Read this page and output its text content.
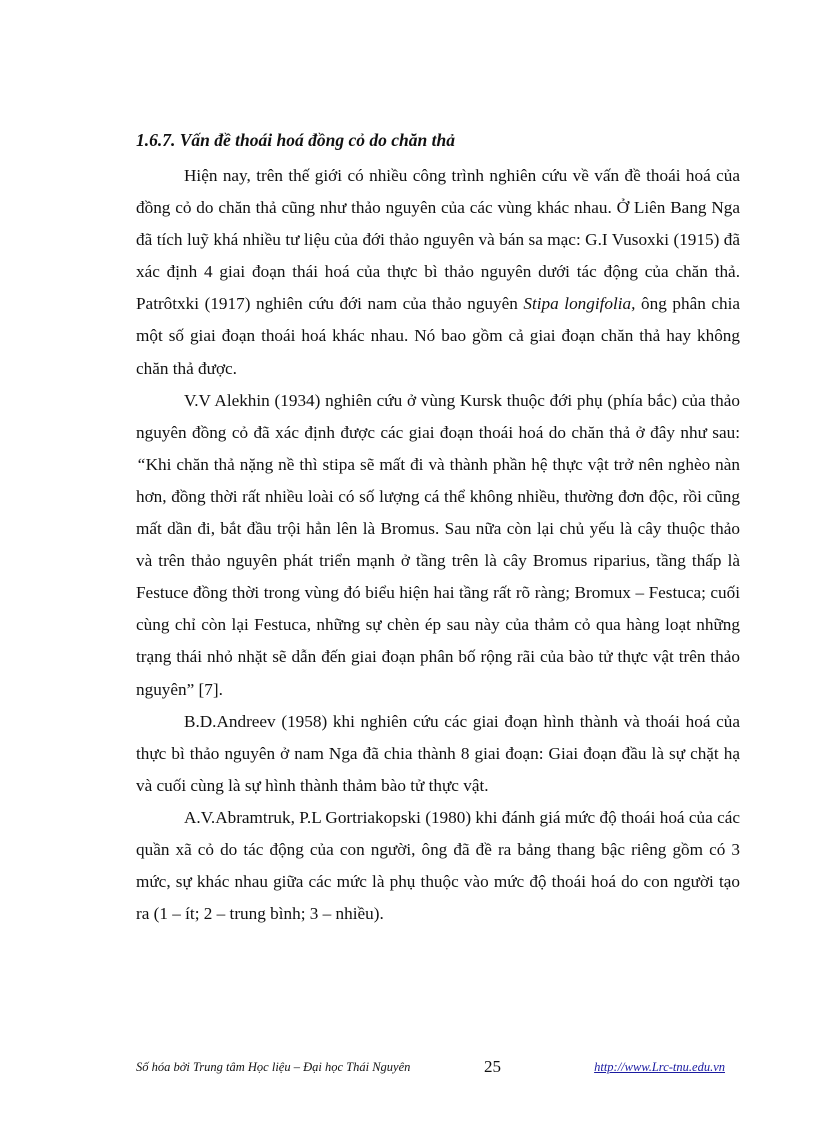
1.6.7. Vấn đề thoái hoá đồng cỏ do chăn thả

Hiện nay, trên thế giới có nhiều công trình nghiên cứu về vấn đề thoái hoá của đồng cỏ do chăn thả cũng như thảo nguyên của các vùng khác nhau. Ở Liên Bang Nga đã tích luỹ khá nhiều tư liệu của đới thảo nguyên và bán sa mạc: G.I Vusoxki (1915) đã xác định 4 giai đoạn thái hoá của thực bì thảo nguyên dưới tác động của chăn thả. Patrôtxki (1917) nghiên cứu đới nam của thảo nguyên Stipa longifolia, ông phân chia một số giai đoạn thoái hoá khác nhau. Nó bao gồm cả giai đoạn chăn thả hay không chăn thả được.

V.V Alekhin (1934) nghiên cứu ở vùng Kursk thuộc đới phụ (phía bắc) của thảo nguyên đồng cỏ đã xác định được các giai đoạn thoái hoá do chăn thả ở đây như sau: “Khi chăn thả nặng nề thì stipa sẽ mất đi và thành phần hệ thực vật trở nên nghèo nàn hơn, đồng thời rất nhiều loài có số lượng cá thể không nhiều, thường đơn độc, rồi cũng mất dần đi, bắt đầu trội hẳn lên là Bromus. Sau nữa còn lại chủ yếu là cây thuộc thảo và trên thảo nguyên phát triển mạnh ở tầng trên là cây Bromus riparius, tầng thấp là Festuce đồng thời trong vùng đó biểu hiện hai tầng rất rõ ràng; Bromux – Festuca; cuối cùng chỉ còn lại Festuca, những sự chèn ép sau này của thảm cỏ qua hàng loạt những trạng thái nhỏ nhặt sẽ dẫn đến giai đoạn phân bố rộng rãi của bào tử thực vật trên thảo nguyên” [7].

B.D.Andreev (1958) khi nghiên cứu các giai đoạn hình thành và thoái hoá của thực bì thảo nguyên ở nam Nga đã chia thành 8 giai đoạn: Giai đoạn đầu là sự chặt hạ và cuối cùng là sự hình thành thảm bào tử thực vật.

A.V.Abramtruk, P.L Gortriakopski (1980) khi đánh giá mức độ thoái hoá của các quần xã cỏ do tác động của con người, ông đã đề ra bảng thang bậc riêng gồm có 3 mức, sự khác nhau giữa các mức là phụ thuộc vào mức độ thoái hoá do con người tạo ra (1 – ít; 2 – trung bình; 3 – nhiều).

Số hóa bởi Trung tâm Học liệu – Đại học Thái Nguyên	25	http://www.Lrc-tnu.edu.vn
